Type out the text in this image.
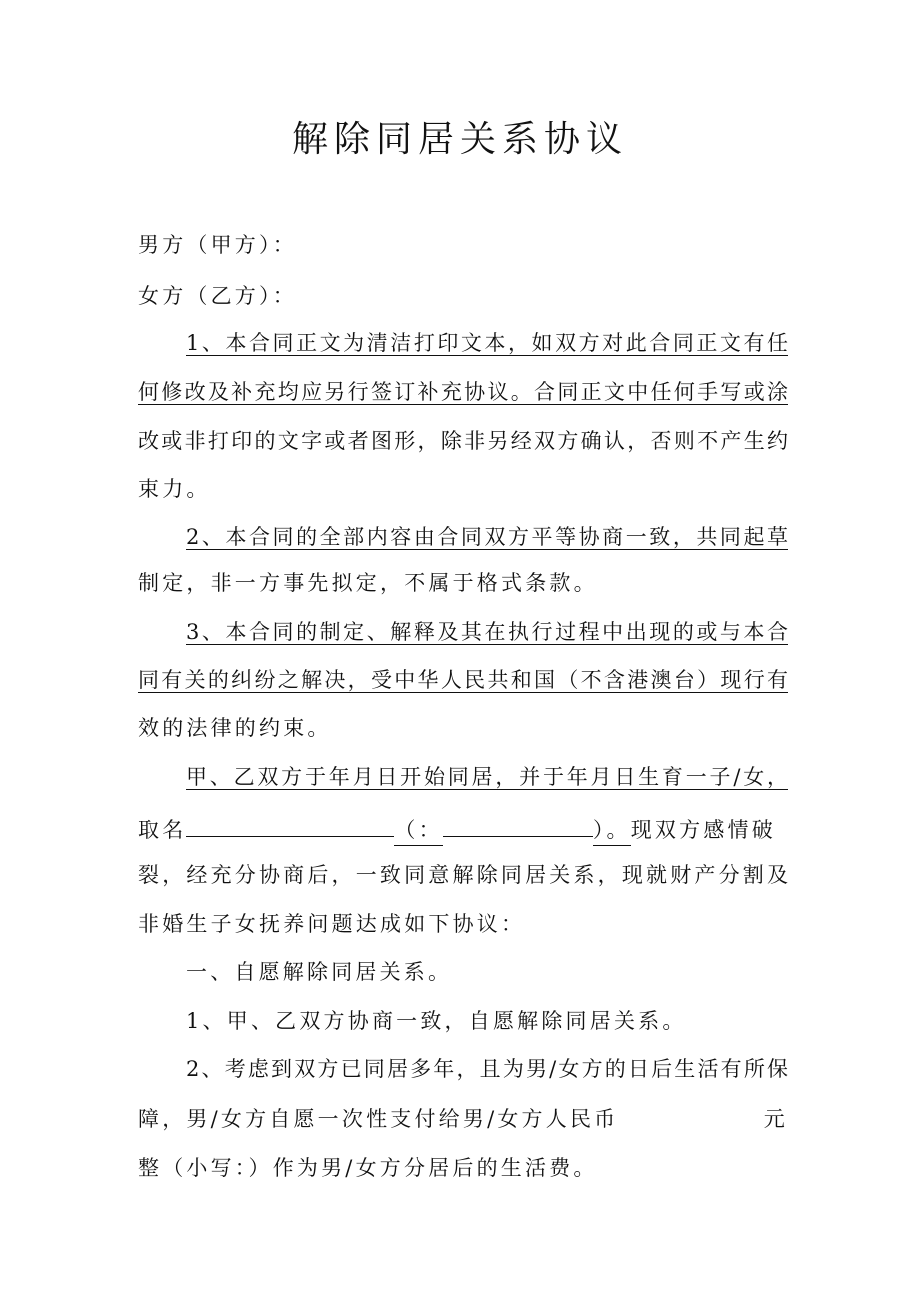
解除同居关系协议
男方（甲方）：
女方（乙方）：
1、本合同正文为清洁打印文本，如双方对此合同正文有任
何修改及补充均应另行签订补充协议。合同正文中任何手写或涂
改或非打印的文字或者图形，除非另经双方确认，否则不产生约
束力。
2、本合同的全部内容由合同双方平等协商一致，共同起草
制定，非一方事先拟定，不属于格式条款。
3、本合同的制定、解释及其在执行过程中出现的或与本合
同有关的纠纷之解决，受中华人民共和国（不含港澳台）现行有
效的法律的约束。
甲、乙双方于年月日开始同居，并于年月日生育一子/女，
取名	（：	）。 现双方感情破
裂，经充分协商后，一致同意解除同居关系，现就财产分割及
非婚生子女抚养问题达成如下协议：
一、自愿解除同居关系。
1、甲、乙双方协商一致，自愿解除同居关系。
2、考虑到双方已同居多年，且为男/女方的日后生活有所保
障，男/女方自愿一次性支付给男/女方人民币	元
整（小写：）作为男/女方分居后的生活费。
